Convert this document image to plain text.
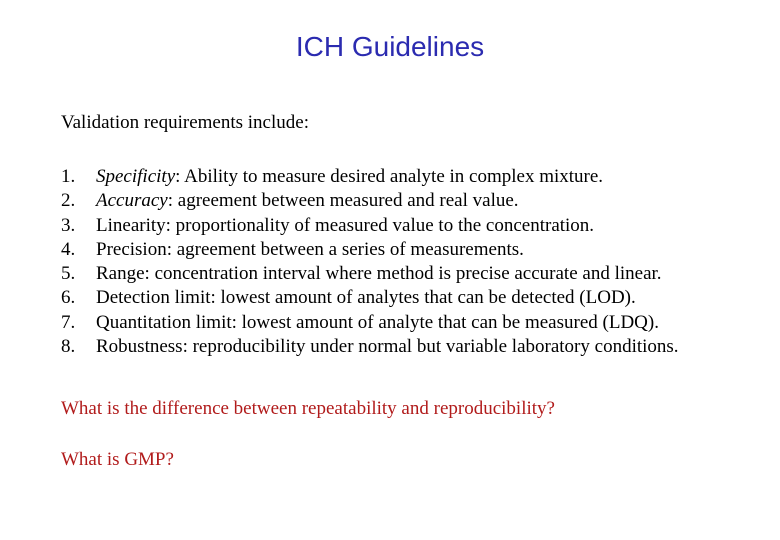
ICH Guidelines
Validation requirements include:
1.	Specificity: Ability to measure desired analyte in complex mixture.
2.	Accuracy: agreement between measured and real value.
3.	Linearity: proportionality of measured value to the concentration.
4.	Precision: agreement between a series of measurements.
5.	Range: concentration interval where method is precise accurate and linear.
6.	Detection limit: lowest amount of analytes that can be detected (LOD).
7.	Quantitation limit: lowest amount of analyte that can be measured (LDQ).
8.	Robustness: reproducibility under normal but variable laboratory conditions.
What is the difference between repeatability and reproducibility?
What is GMP?
